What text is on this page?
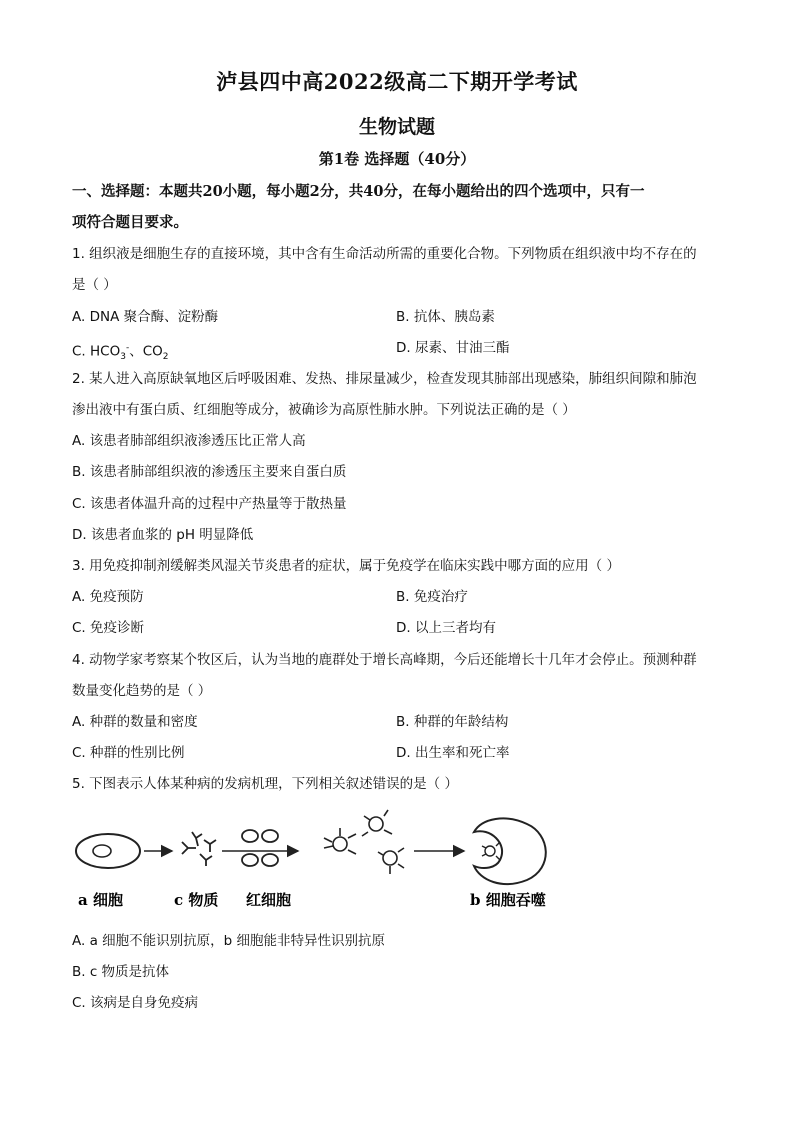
泸县四中高2022级高二下期开学考试
生物试题
第1卷 选择题（40分）
一、选择题：本题共20小题，每小题2分，共40分，在每小题给出的四个选项中，只有一
项符合题目要求。
1. 组织液是细胞生存的直接环境，其中含有生命活动所需的重要化合物。下列物质在组织液中均不存在的
是（ ）
A. DNA 聚合酶、淀粉酶	B. 抗体、胰岛素
C. $HCO_3^-$、$CO_2$
D. 尿素、甘油三酯
2. 某人进入高原缺氧地区后呼吸困难、发热、排尿量减少，检查发现其肺部出现感染，肺组织间隙和肺泡
渗出液中有蛋白质、红细胞等成分，被确诊为高原性肺水肿。下列说法正确的是（ ）
A. 该患者肺部组织液渗透压比正常人高
B. 该患者肺部组织液的渗透压主要来自蛋白质
C. 该患者体温升高的过程中产热量等于散热量
D. 该患者血浆的 pH 明显降低
3. 用免疫抑制剂缓解类风湿关节炎患者的症状，属于免疫学在临床实践中哪方面的应用（ ）
A. 免疫预防	B. 免疫治疗
C. 免疫诊断	D. 以上三者均有
4. 动物学家考察某个牧区后，认为当地的鹿群处于增长高峰期，今后还能增长十几年才会停止。预测种群
数量变化趋势的是（ ）
A. 种群的数量和密度	B. 种群的年龄结构
C. 种群的性别比例	D. 出生率和死亡率
5. 下图表示人体某种病的发病机理，下列相关叙述错误的是（ ）
a 细胞	c 物质 红细胞	b 细胞吞噬
A. a 细胞不能识别抗原，b 细胞能非特异性识别抗原
B. c 物质是抗体
C. 该病是自身免疫病
